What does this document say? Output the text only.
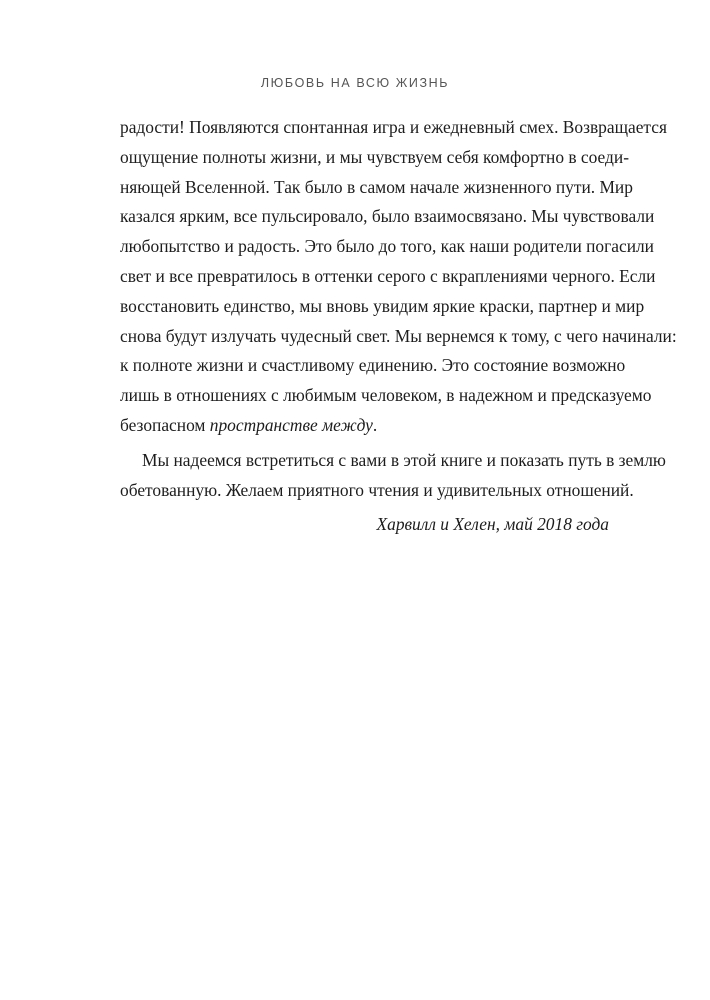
ЛЮБОВЬ НА ВСЮ ЖИЗНЬ
радости! Появляются спонтанная игра и ежедневный смех. Возвращается
ощущение полноты жизни, и мы чувствуем себя комфортно в соеди-
няющей Вселенной. Так было в самом начале жизненного пути. Мир
казался ярким, все пульсировало, было взаимосвязано. Мы чувствовали
любопытство и радость. Это было до того, как наши родители погасили
свет и все превратилось в оттенки серого с вкраплениями черного. Если
восстановить единство, мы вновь увидим яркие краски, партнер и мир
снова будут излучать чудесный свет. Мы вернемся к тому, с чего начинали:
к полноте жизни и счастливому единению. Это состояние возможно
лишь в отношениях с любимым человеком, в надежном и предсказуемо
безопасном пространстве между.
Мы надеемся встретиться с вами в этой книге и показать путь в землю
обетованную. Желаем приятного чтения и удивительных отношений.
Харвилл и Хелен, май 2018 года
